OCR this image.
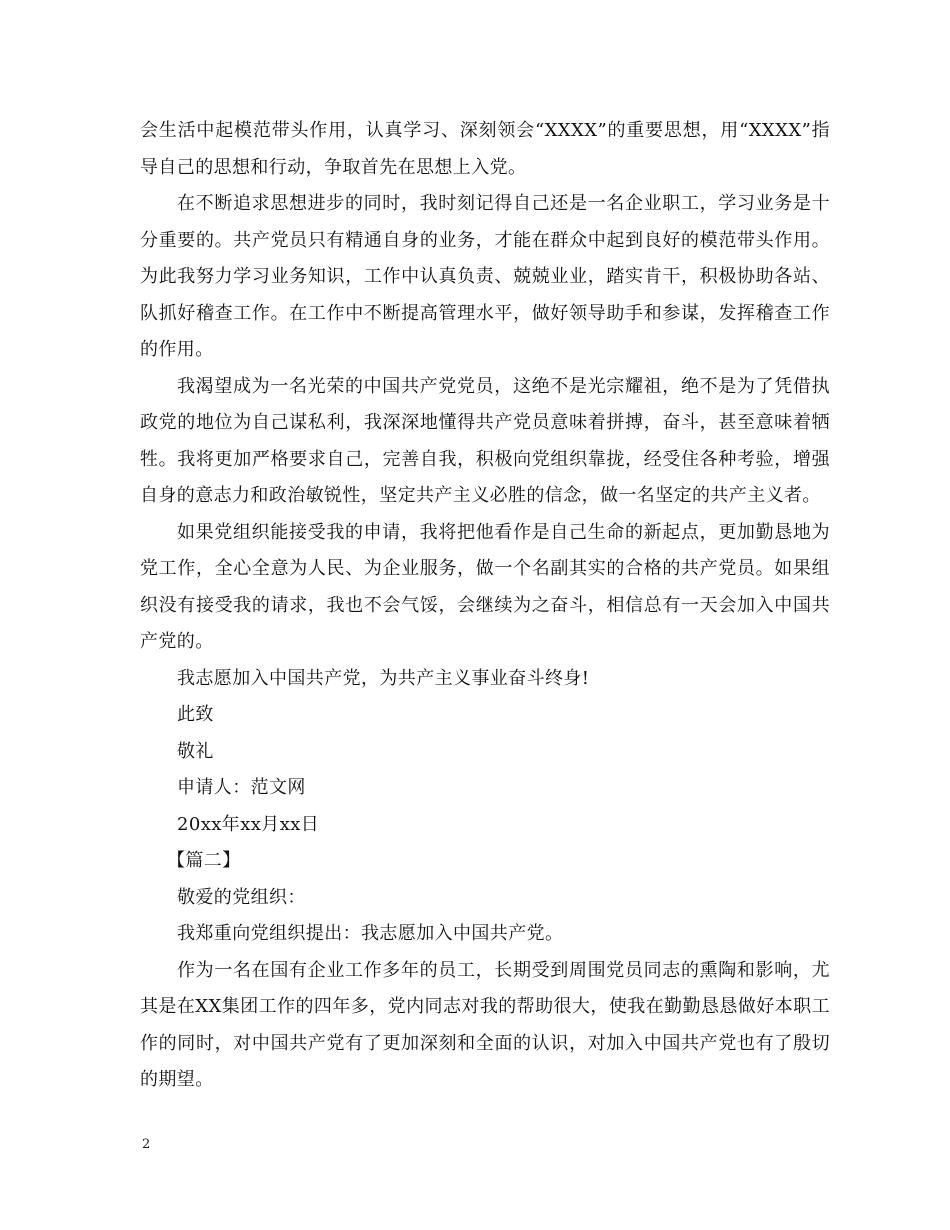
会生活中起模范带头作用，认真学习、深刻领会“XXXX”的重要思想，用“XXXX”指导自己的思想和行动，争取首先在思想上入党。

在不断追求思想进步的同时，我时刻记得自己还是一名企业职工，学习业务是十分重要的。共产党员只有精通自身的业务，才能在群众中起到良好的模范带头作用。为此我努力学习业务知识，工作中认真负责、兢兢业业，踏实肯干，积极协助各站、队抓好稽查工作。在工作中不断提高管理水平，做好领导助手和参谋，发挥稽查工作的作用。

我渴望成为一名光荣的中国共产党党员，这绝不是光宗耀祖，绝不是为了凭借执政党的地位为自己谋私利，我深深地懂得共产党员意味着拼搏，奋斗，甚至意味着牺牲。我将更加严格要求自己，完善自我，积极向党组织靠拢，经受住各种考验，增强自身的意志力和政治敏锐性，坚定共产主义必胜的信念，做一名坚定的共产主义者。

如果党组织能接受我的申请，我将把他看作是自己生命的新起点，更加勤恳地为党工作，全心全意为人民、为企业服务，做一个名副其实的合格的共产党员。如果组织没有接受我的请求，我也不会气馁，会继续为之奋斗，相信总有一天会加入中国共产党的。

我志愿加入中国共产党，为共产主义事业奋斗终身!

此致

敬礼

申请人：范文网

20xx年xx月xx日

【篇二】

敬爱的党组织：

我郑重向党组织提出：我志愿加入中国共产党。

作为一名在国有企业工作多年的员工，长期受到周围党员同志的熏陶和影响，尤其是在XX集团工作的四年多，党内同志对我的帮助很大，使我在勤勤恳恳做好本职工作的同时，对中国共产党有了更加深刻和全面的认识，对加入中国共产党也有了殷切的期望。

2
